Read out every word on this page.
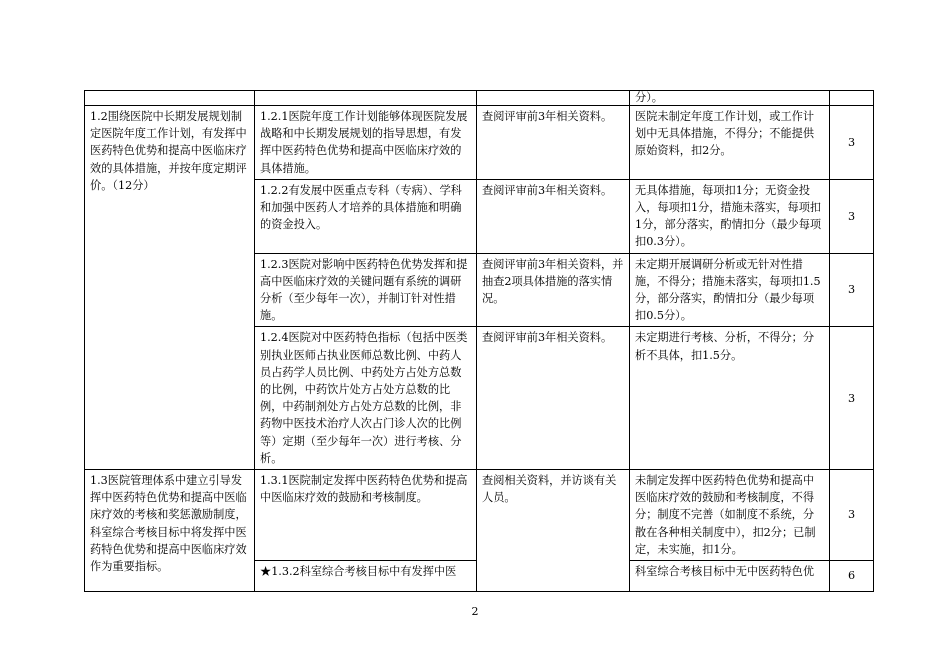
			分）。	
1.2围绕医院中长期发展规划制定医院年度工作计划，有发挥中医药特色优势和提高中医临床疗效的具体措施，并按年度定期评价。（12分）	1.2.1医院年度工作计划能够体现医院发展战略和中长期发展规划的指导思想，有发挥中医药特色优势和提高中医临床疗效的具体措施。	查阅评审前3年相关资料。	医院未制定年度工作计划，或工作计划中无具体措施，不得分；不能提供原始资料，扣2分。	3
	1.2.2有发展中医重点专科（专病）、学科和加强中医药人才培养的具体措施和明确的资金投入。	查阅评审前3年相关资料。	无具体措施，每项扣1分；无资金投入，每项扣1分，措施未落实，每项扣1分，部分落实，酌情扣分（最少每项扣0.3分）。	3
	1.2.3医院对影响中医药特色优势发挥和提高中医临床疗效的关键问题有系统的调研分析（至少每年一次），并制订针对性措施。	查阅评审前3年相关资料，并抽查2项具体措施的落实情况。	未定期开展调研分析或无针对性措施，不得分；措施未落实，每项扣1.5分，部分落实，酌情扣分（最少每项扣0.5分）。	3
	1.2.4医院对中医药特色指标（包括中医类别执业医师占执业医师总数比例、中药人员占药学人员比例、中药处方占处方总数的比例，中药饮片处方占处方总数的比例，中药制剂处方占处方总数的比例，非药物中医技术治疗人次占门诊人次的比例等）定期（至少每年一次）进行考核、分析。	查阅评审前3年相关资料。	未定期进行考核、分析，不得分；分析不具体，扣1.5分。	3
1.3医院管理体系中建立引导发挥中医药特色优势和提高中医临床疗效的考核和奖惩激励制度，科室综合考核目标中将发挥中医药特色优势和提高中医临床疗效作为重要指标。	1.3.1医院制定发挥中医药特色优势和提高中医临床疗效的鼓励和考核制度。	查阅相关资料，并访谈有关人员。	未制定发挥中医药特色优势和提高中医临床疗效的鼓励和考核制度，不得分；制度不完善（如制度不系统，分散在各种相关制度中），扣2分；已制定，未实施，扣1分。	3
	★1.3.2科室综合考核目标中有发挥中医		科室综合考核目标中无中医药特色优	6
2
